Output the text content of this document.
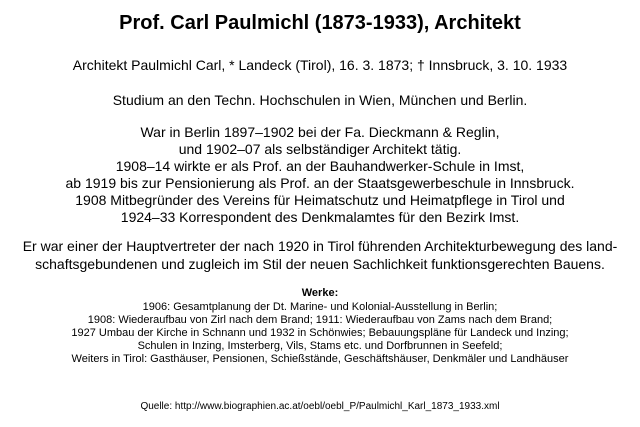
Prof. Carl Paulmichl (1873-1933), Architekt
Architekt Paulmichl Carl, * Landeck (Tirol), 16. 3. 1873; † Innsbruck, 3. 10. 1933
Studium an den Techn. Hochschulen in Wien, München und Berlin.
War in Berlin 1897–1902 bei der Fa. Dieckmann & Reglin,
und 1902–07 als selbständiger Architekt tätig.
1908–14 wirkte er als Prof. an der Bauhandwerker-Schule in Imst,
ab 1919 bis zur Pensionierung als Prof. an der Staatsgewerbeschule in Innsbruck.
1908 Mitbegründer des Vereins für Heimatschutz und Heimatpflege in Tirol und
1924–33 Korrespondent des Denkmalamtes für den Bezirk Imst.
Er war einer der Hauptvertreter der nach 1920 in Tirol führenden Architekturbewegung des land-
schaftsgebundenen und zugleich im Stil der neuen Sachlichkeit funktionsgerechten Bauens.
Werke:
1906: Gesamtplanung der Dt. Marine- und Kolonial-Ausstellung in Berlin;
1908: Wiederaufbau von Zirl nach dem Brand; 1911: Wiederaufbau von Zams nach dem Brand;
1927 Umbau der Kirche in Schnann und 1932 in Schönwies; Bebauungspläne für Landeck und Inzing;
Schulen in Inzing, Imsterberg, Vils, Stams etc. und Dorfbrunnen in Seefeld;
Weiters in Tirol: Gasthäuser, Pensionen, Schießstände, Geschäftshäuser, Denkmäler und Landhäuser
Quelle: http://www.biographien.ac.at/oebl/oebl_P/Paulmichl_Karl_1873_1933.xml
